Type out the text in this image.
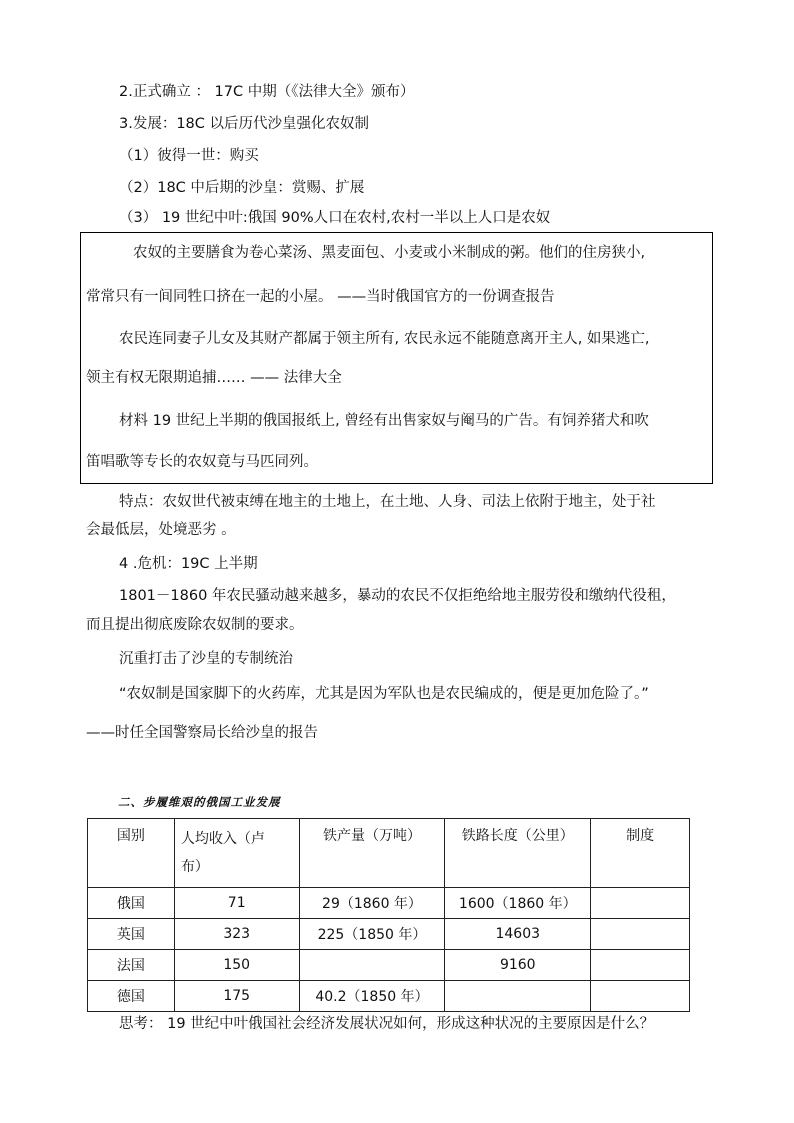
2.正式确立 ： 17C 中期（《法律大全》颁布）
3.发展：18C 以后历代沙皇强化农奴制
（1）彼得一世：购买
（2）18C 中后期的沙皇：赏赐、扩展
（3） 19 世纪中叶:俄国 90%人口在农村,农村一半以上人口是农奴
农奴的主要膳食为卷心菜汤、黑麦面包、小麦或小米制成的粥。他们的住房狭小,
常常只有一间同牲口挤在一起的小屋。 ——当时俄国官方的一份调查报告
农民连同妻子儿女及其财产都属于领主所有, 农民永远不能随意离开主人, 如果逃亡,
领主有权无限期追捕…… —— 法律大全
材料 19 世纪上半期的俄国报纸上, 曾经有出售家奴与阉马的广告。有饲养猪犬和吹
笛唱歌等专长的农奴竟与马匹同列。
特点：农奴世代被束缚在地主的土地上，在土地、人身、司法上依附于地主，处于社
会最低层，处境恶劣 。
4 .危机：19C 上半期
1801－1860 年农民骚动越来越多，暴动的农民不仅拒绝给地主服劳役和缴纳代役租，
而且提出彻底废除农奴制的要求。
沉重打击了沙皇的专制统治
“农奴制是国家脚下的火药库，尤其是因为军队也是农民编成的，便是更加危险了。”
——时任全国警察局长给沙皇的报告
二、步履维艰的俄国工业发展
国别	人均收入（卢
布）	铁产量（万吨）	铁路长度（公里）	制度
俄国	71	29（1860 年）	1600（1860 年）	
英国	323	225（1850 年）	14603	
法国	150		9160	
德国	175	40.2（1850 年）		
思考： 19 世纪中叶俄国社会经济发展状况如何，形成这种状况的主要原因是什么？
